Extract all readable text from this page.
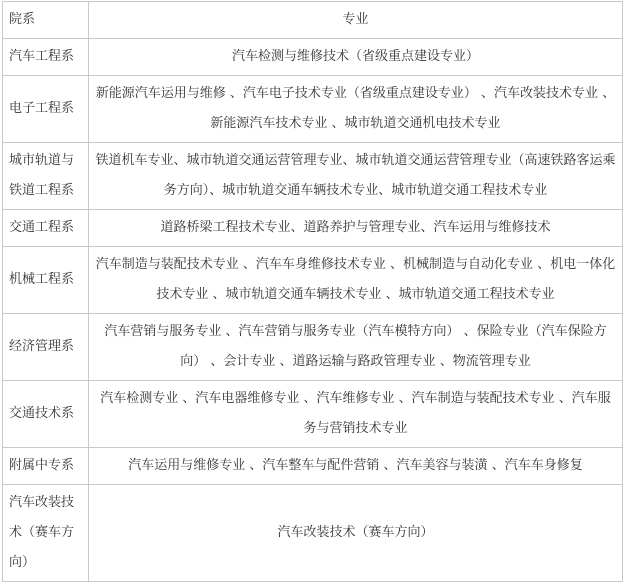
院系	专业
汽车工程系	汽车检测与维修技术（省级重点建设专业）
电子工程系	新能源汽车运用与维修 、汽车电子技术专业（省级重点建设专业） 、汽车改装技术专业 、新能源汽车技术专业 、城市轨道交通机电技术专业
城市轨道与铁道工程系	铁道机车专业、城市轨道交通运营管理专业、城市轨道交通运营管理专业（高速铁路客运乘务方向）、城市轨道交通车辆技术专业、城市轨道交通工程技术专业
交通工程系	道路桥梁工程技术专业、道路养护与管理专业、汽车运用与维修技术
机械工程系	汽车制造与装配技术专业 、汽车车身维修技术专业 、机械制造与自动化专业 、机电一体化技术专业 、城市轨道交通车辆技术专业 、城市轨道交通工程技术专业
经济管理系	汽车营销与服务专业 、汽车营销与服务专业（汽车模特方向） 、保险专业（汽车保险方向） 、会计专业 、道路运输与路政管理专业 、物流管理专业
交通技术系	汽车检测专业 、汽车电器维修专业 、汽车维修专业 、汽车制造与装配技术专业 、汽车服务与营销技术专业
附属中专系	汽车运用与维修专业 、汽车整车与配件营销 、汽车美容与装潢 、汽车车身修复
汽车改装技术（赛车方向）	汽车改装技术（赛车方向）
